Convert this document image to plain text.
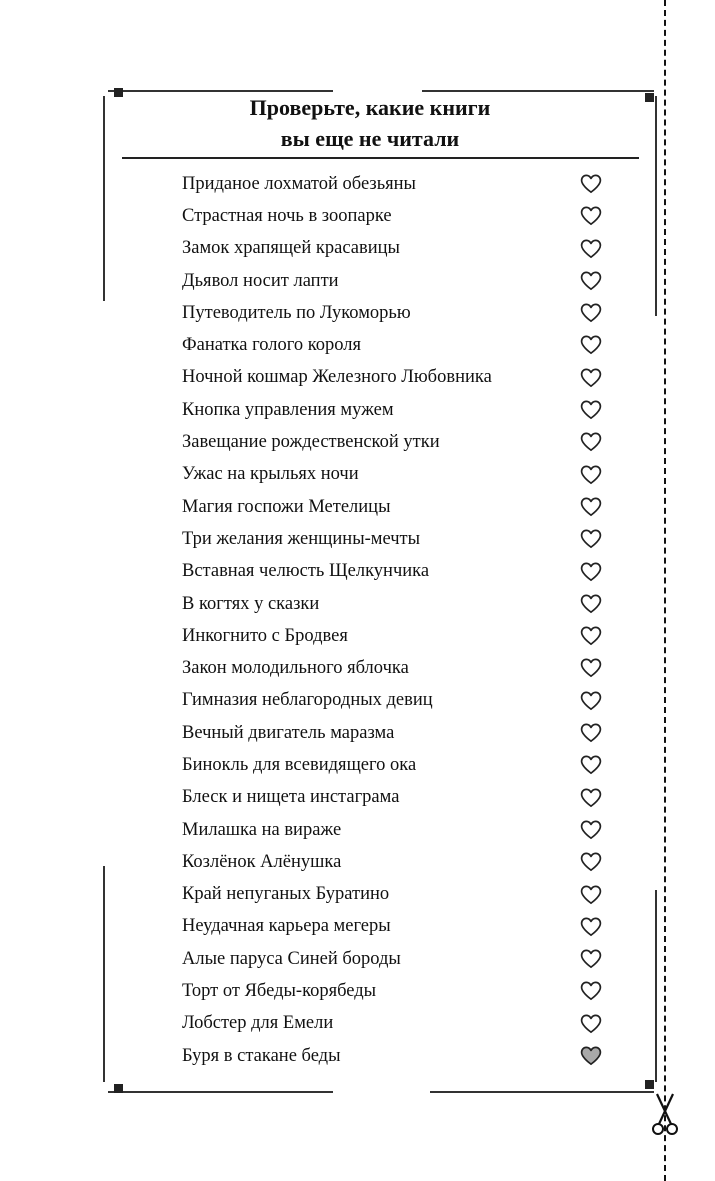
Проверьте, какие книги
вы еще не читали
Приданое лохматой обезьяны
Страстная ночь в зоопарке
Замок храпящей красавицы
Дьявол носит лапти
Путеводитель по Лукоморью
Фанатка голого короля
Ночной кошмар Железного Любовника
Кнопка управления мужем
Завещание рождественской утки
Ужас на крыльях ночи
Магия госпожи Метелицы
Три желания женщины-мечты
Вставная челюсть Щелкунчика
В когтях у сказки
Инкогнито с Бродвея
Закон молодильного яблочка
Гимназия неблагородных девиц
Вечный двигатель маразма
Бинокль для всевидящего ока
Блеск и нищета инстаграма
Милашка на вираже
Козлёнок Алёнушка
Край непуганых Буратино
Неудачная карьера мегеры
Алые паруса Синей бороды
Торт от Ябеды-корябеды
Лобстер для Емели
Буря в стакане беды
